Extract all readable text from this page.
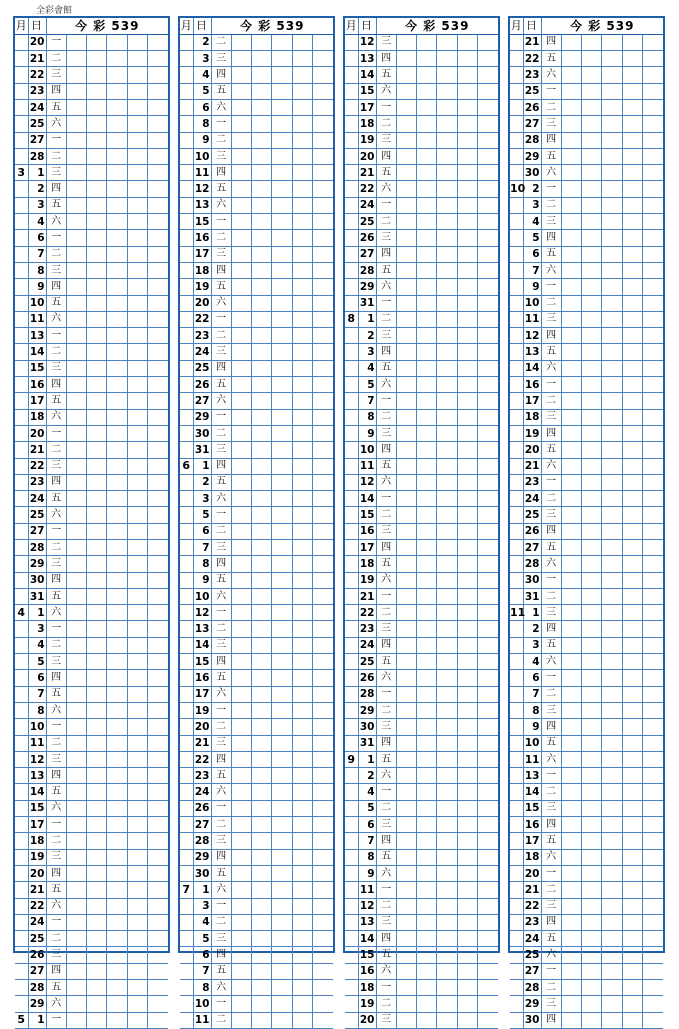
全彩會館
月	日	今 彩 539					
	20	一					
	21	二					
	22	三					
	23	四					
	24	五					
	25	六					
	27	一					
	28	二					
3	1	三					
	2	四					
	3	五					
	4	六					
	6	一					
	7	二					
	8	三					
	9	四					
	10	五					
	11	六					
	13	一					
	14	二					
	15	三					
	16	四					
	17	五					
	18	六					
	20	一					
	21	二					
	22	三					
	23	四					
	24	五					
	25	六					
	27	一					
	28	二					
	29	三					
	30	四					
	31	五					
4	1	六					
	3	一					
	4	二					
	5	三					
	6	四					
	7	五					
	8	六					
	10	一					
	11	二					
	12	三					
	13	四					
	14	五					
	15	六					
	17	一					
	18	二					
	19	三					
	20	四					
	21	五					
	22	六					
	24	一					
	25	二					
	26	三					
	27	四					
	28	五					
	29	六					
5	1	一					
月	日	今 彩 539					
	2	二					
	3	三					
	4	四					
	5	五					
	6	六					
	8	一					
	9	二					
	10	三					
	11	四					
	12	五					
	13	六					
	15	一					
	16	二					
	17	三					
	18	四					
	19	五					
	20	六					
	22	一					
	23	二					
	24	三					
	25	四					
	26	五					
	27	六					
	29	一					
	30	二					
	31	三					
6	1	四					
	2	五					
	3	六					
	5	一					
	6	二					
	7	三					
	8	四					
	9	五					
	10	六					
	12	一					
	13	二					
	14	三					
	15	四					
	16	五					
	17	六					
	19	一					
	20	二					
	21	三					
	22	四					
	23	五					
	24	六					
	26	一					
	27	二					
	28	三					
	29	四					
	30	五					
7	1	六					
	3	一					
	4	二					
	5	三					
	6	四					
	7	五					
	8	六					
	10	一					
	11	二					
月	日	今 彩 539					
	12	三					
	13	四					
	14	五					
	15	六					
	17	一					
	18	二					
	19	三					
	20	四					
	21	五					
	22	六					
	24	一					
	25	二					
	26	三					
	27	四					
	28	五					
	29	六					
	31	一					
8	1	二					
	2	三					
	3	四					
	4	五					
	5	六					
	7	一					
	8	二					
	9	三					
	10	四					
	11	五					
	12	六					
	14	一					
	15	二					
	16	三					
	17	四					
	18	五					
	19	六					
	21	一					
	22	二					
	23	三					
	24	四					
	25	五					
	26	六					
	28	一					
	29	二					
	30	三					
	31	四					
9	1	五					
	2	六					
	4	一					
	5	二					
	6	三					
	7	四					
	8	五					
	9	六					
	11	一					
	12	二					
	13	三					
	14	四					
	15	五					
	16	六					
	18	一					
	19	二					
	20	三					
月	日	今 彩 539					
	21	四					
	22	五					
	23	六					
	25	一					
	26	二					
	27	三					
	28	四					
	29	五					
	30	六					
10	2	一					
	3	二					
	4	三					
	5	四					
	6	五					
	7	六					
	9	一					
	10	二					
	11	三					
	12	四					
	13	五					
	14	六					
	16	一					
	17	二					
	18	三					
	19	四					
	20	五					
	21	六					
	23	一					
	24	二					
	25	三					
	26	四					
	27	五					
	28	六					
	30	一					
	31	二					
11	1	三					
	2	四					
	3	五					
	4	六					
	6	一					
	7	二					
	8	三					
	9	四					
	10	五					
	11	六					
	13	一					
	14	二					
	15	三					
	16	四					
	17	五					
	18	六					
	20	一					
	21	二					
	22	三					
	23	四					
	24	五					
	25	六					
	27	一					
	28	二					
	29	三					
	30	四					
